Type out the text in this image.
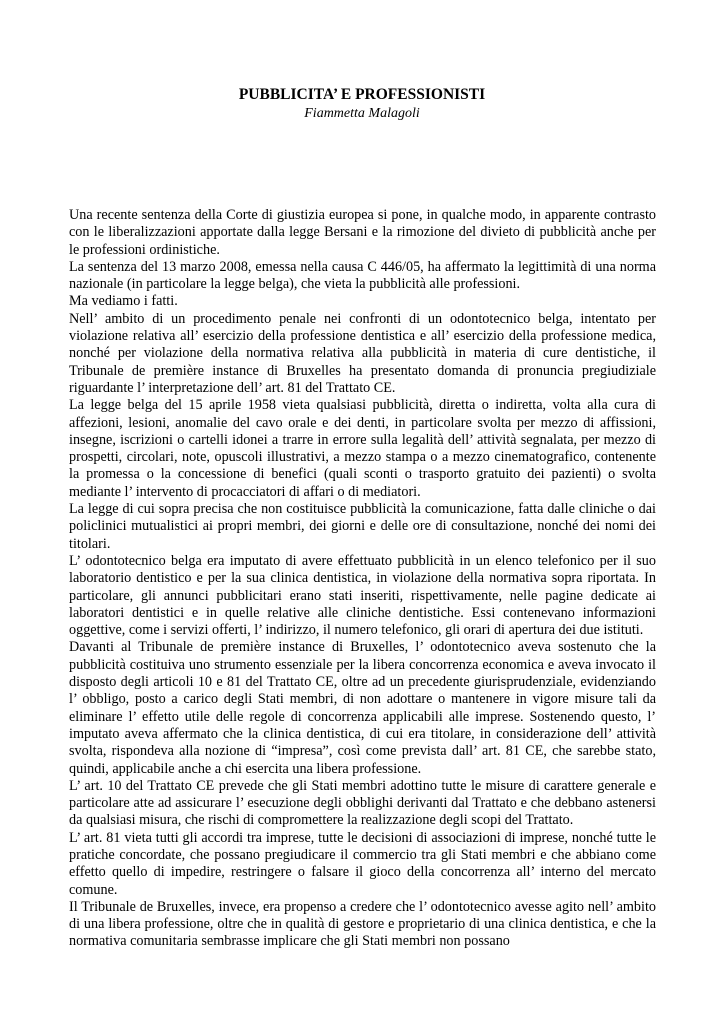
PUBBLICITA’ E PROFESSIONISTI
Fiammetta Malagoli

Una recente sentenza della Corte di giustizia europea si pone, in qualche modo, in apparente contrasto con le liberalizzazioni apportate dalla legge Bersani e la rimozione del divieto di pubblicità anche per le professioni ordinistiche.

La sentenza del 13 marzo 2008, emessa nella causa C 446/05, ha affermato la legittimità di una norma nazionale (in particolare la legge belga), che vieta la pubblicità alle professioni.

Ma vediamo i fatti.

Nell’ ambito di un procedimento penale nei confronti di un odontotecnico belga, intentato per violazione relativa all’ esercizio della professione dentistica e all’ esercizio della professione medica, nonché per violazione della normativa relativa alla pubblicità in materia di cure dentistiche, il Tribunale de première instance di Bruxelles ha presentato domanda di pronuncia pregiudiziale riguardante l’ interpretazione dell’ art. 81 del Trattato CE.

La legge belga del 15 aprile 1958 vieta qualsiasi pubblicità, diretta o indiretta, volta alla cura di affezioni, lesioni, anomalie del cavo orale e dei denti, in particolare svolta per mezzo di affissioni, insegne, iscrizioni o cartelli idonei a trarre in errore sulla legalità dell’ attività segnalata, per mezzo di prospetti, circolari, note, opuscoli illustrativi, a mezzo stampa o a mezzo cinematografico, contenente la promessa o la concessione di benefici (quali sconti o trasporto gratuito dei pazienti) o svolta mediante l’ intervento di procacciatori di affari o di mediatori.

La legge di cui sopra precisa che non costituisce pubblicità la comunicazione, fatta dalle cliniche o dai policlinici mutualistici ai propri membri, dei giorni e delle ore di consultazione, nonché dei nomi dei titolari.

L’ odontotecnico belga era imputato di avere effettuato pubblicità in un elenco telefonico per il suo laboratorio dentistico e per la sua clinica dentistica, in violazione della normativa sopra riportata. In particolare, gli annunci pubblicitari erano stati inseriti, rispettivamente, nelle pagine dedicate ai laboratori dentistici e in quelle relative alle cliniche dentistiche. Essi contenevano informazioni oggettive, come i servizi offerti, l’ indirizzo, il numero telefonico, gli orari di apertura dei due istituti.

Davanti al Tribunale de première instance di Bruxelles, l’ odontotecnico aveva sostenuto che la pubblicità costituiva uno strumento essenziale per la libera concorrenza economica e aveva invocato il disposto degli articoli 10 e 81 del Trattato CE, oltre ad un precedente giurisprudenziale, evidenziando l’ obbligo, posto a carico degli Stati membri, di non adottare o mantenere in vigore misure tali da eliminare l’ effetto utile delle regole di concorrenza applicabili alle imprese. Sostenendo questo, l’ imputato aveva affermato che la clinica dentistica, di cui era titolare, in considerazione dell’ attività svolta, rispondeva alla nozione di “impresa”, così come prevista dall’ art. 81 CE, che sarebbe stato, quindi, applicabile anche a chi esercita una libera professione.

L’ art. 10 del Trattato CE prevede che gli Stati membri adottino tutte le misure di carattere generale e particolare atte ad assicurare l’ esecuzione degli obblighi derivanti dal Trattato e che debbano astenersi da qualsiasi misura, che rischi di compromettere la realizzazione degli scopi del Trattato.

L’ art. 81 vieta tutti gli accordi tra imprese, tutte le decisioni di associazioni di imprese, nonché tutte le pratiche concordate, che possano pregiudicare il commercio tra gli Stati membri e che abbiano come effetto quello di impedire, restringere o falsare il gioco della concorrenza all’ interno del mercato comune.

Il Tribunale de Bruxelles, invece, era propenso a credere che l’ odontotecnico avesse agito nell’ ambito di una libera professione, oltre che in qualità di gestore e proprietario di una clinica dentistica, e che la normativa comunitaria sembrasse implicare che gli Stati membri non possano
